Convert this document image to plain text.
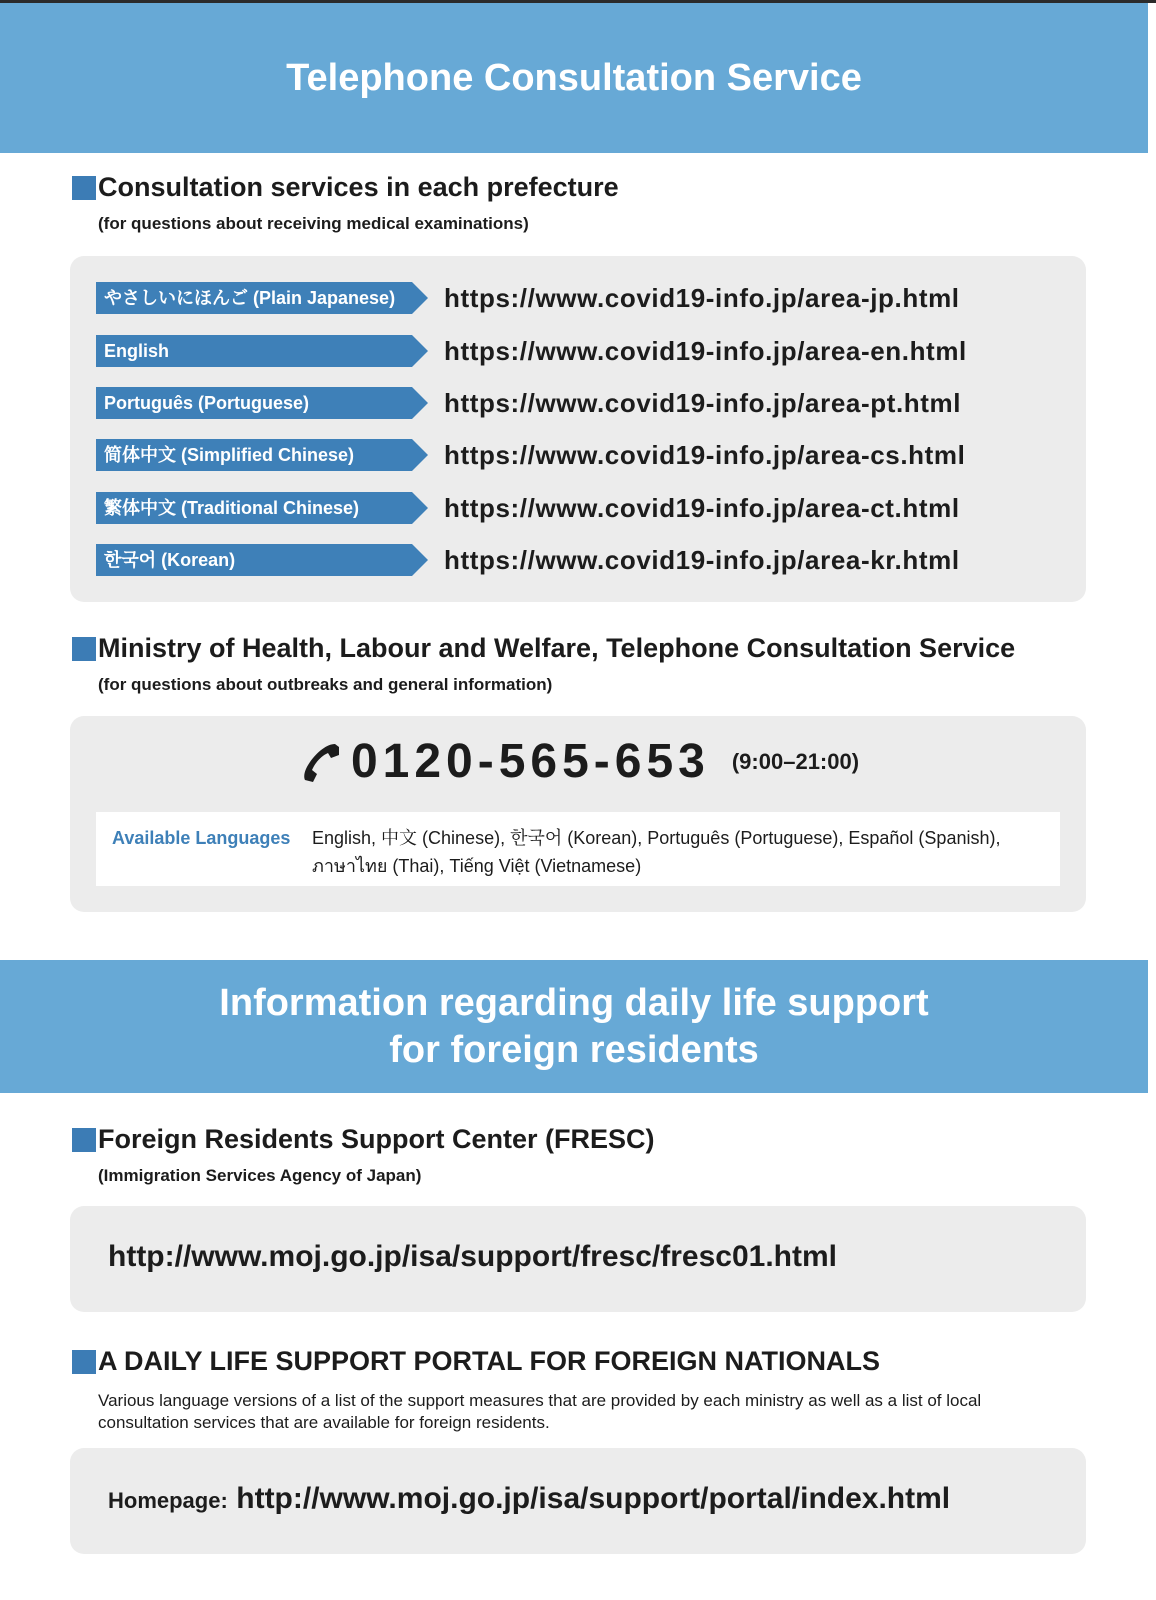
Telephone Consultation Service
Consultation services in each prefecture
(for questions about receiving medical examinations)
やさしいにほんご (Plain Japanese)	https://www.covid19-info.jp/area-jp.html
English	https://www.covid19-info.jp/area-en.html
Português (Portuguese)	https://www.covid19-info.jp/area-pt.html
简体中文 (Simplified Chinese)	https://www.covid19-info.jp/area-cs.html
繁体中文 (Traditional Chinese)	https://www.covid19-info.jp/area-ct.html
한국어 (Korean)	https://www.covid19-info.jp/area-kr.html
Ministry of Health, Labour and Welfare, Telephone Consultation Service
(for questions about outbreaks and general information)
0120-565-653 (9:00–21:00)
Available Languages	English, 中文 (Chinese), 한국어 (Korean), Português (Portuguese), Español (Spanish),
ภาษาไทย (Thai), Tiếng Việt (Vietnamese)
Information regarding daily life support
for foreign residents
Foreign Residents Support Center (FRESC)
(Immigration Services Agency of Japan)
http://www.moj.go.jp/isa/support/fresc/fresc01.html
A DAILY LIFE SUPPORT PORTAL FOR FOREIGN NATIONALS
Various language versions of a list of the support measures that are provided by each ministry as well as a list of local consultation services that are available for foreign residents.
Homepage: http://www.moj.go.jp/isa/support/portal/index.html
